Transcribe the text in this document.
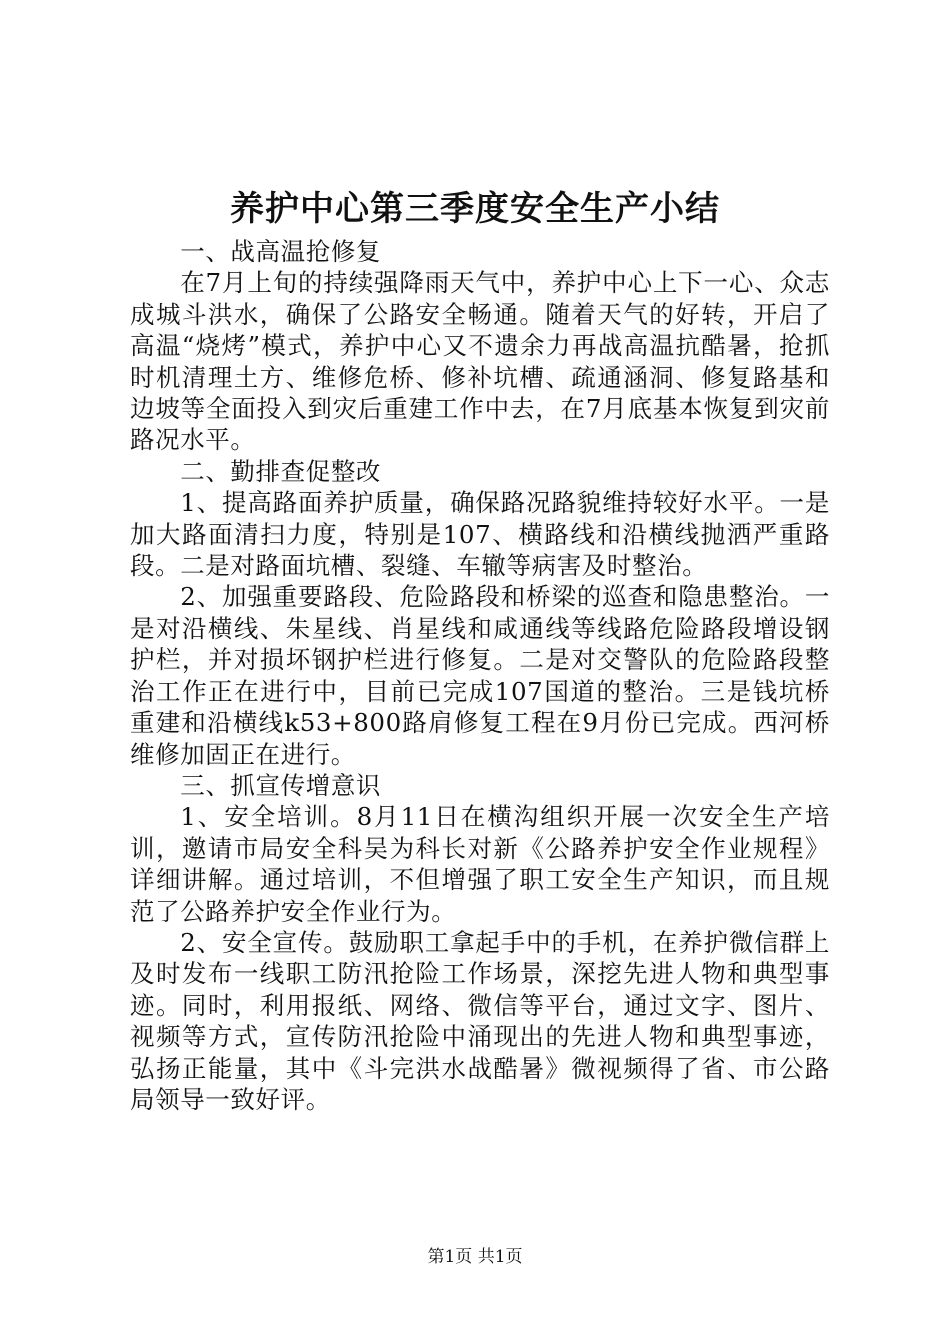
养护中心第三季度安全生产小结

一、战高温抢修复

在7月上旬的持续强降雨天气中，养护中心上下一心、众志成城斗洪水，确保了公路安全畅通。随着天气的好转，开启了高温“烧烤”模式，养护中心又不遗余力再战高温抗酷暑，抢抓时机清理土方、维修危桥、修补坑槽、疏通涵洞、修复路基和边坡等全面投入到灾后重建工作中去，在7月底基本恢复到灾前路况水平。

二、勤排查促整改

1、提高路面养护质量，确保路况路貌维持较好水平。一是加大路面清扫力度，特别是107、横路线和沿横线抛洒严重路段。二是对路面坑槽、裂缝、车辙等病害及时整治。

2、加强重要路段、危险路段和桥梁的巡查和隐患整治。一是对沿横线、朱星线、肖星线和咸通线等线路危险路段增设钢护栏，并对损坏钢护栏进行修复。二是对交警队的危险路段整治工作正在进行中，目前已完成107国道的整治。三是钱坑桥重建和沿横线k53+800路肩修复工程在9月份已完成。西河桥维修加固正在进行。

三、抓宣传增意识

1、安全培训。8月11日在横沟组织开展一次安全生产培训，邀请市局安全科吴为科长对新《公路养护安全作业规程》详细讲解。通过培训，不但增强了职工安全生产知识，而且规范了公路养护安全作业行为。

2、安全宣传。鼓励职工拿起手中的手机，在养护微信群上及时发布一线职工防汛抢险工作场景，深挖先进人物和典型事迹。同时，利用报纸、网络、微信等平台，通过文字、图片、视频等方式，宣传防汛抢险中涌现出的先进人物和典型事迹，弘扬正能量，其中《斗完洪水战酷暑》微视频得了省、市公路局领导一致好评。

第1页 共1页
